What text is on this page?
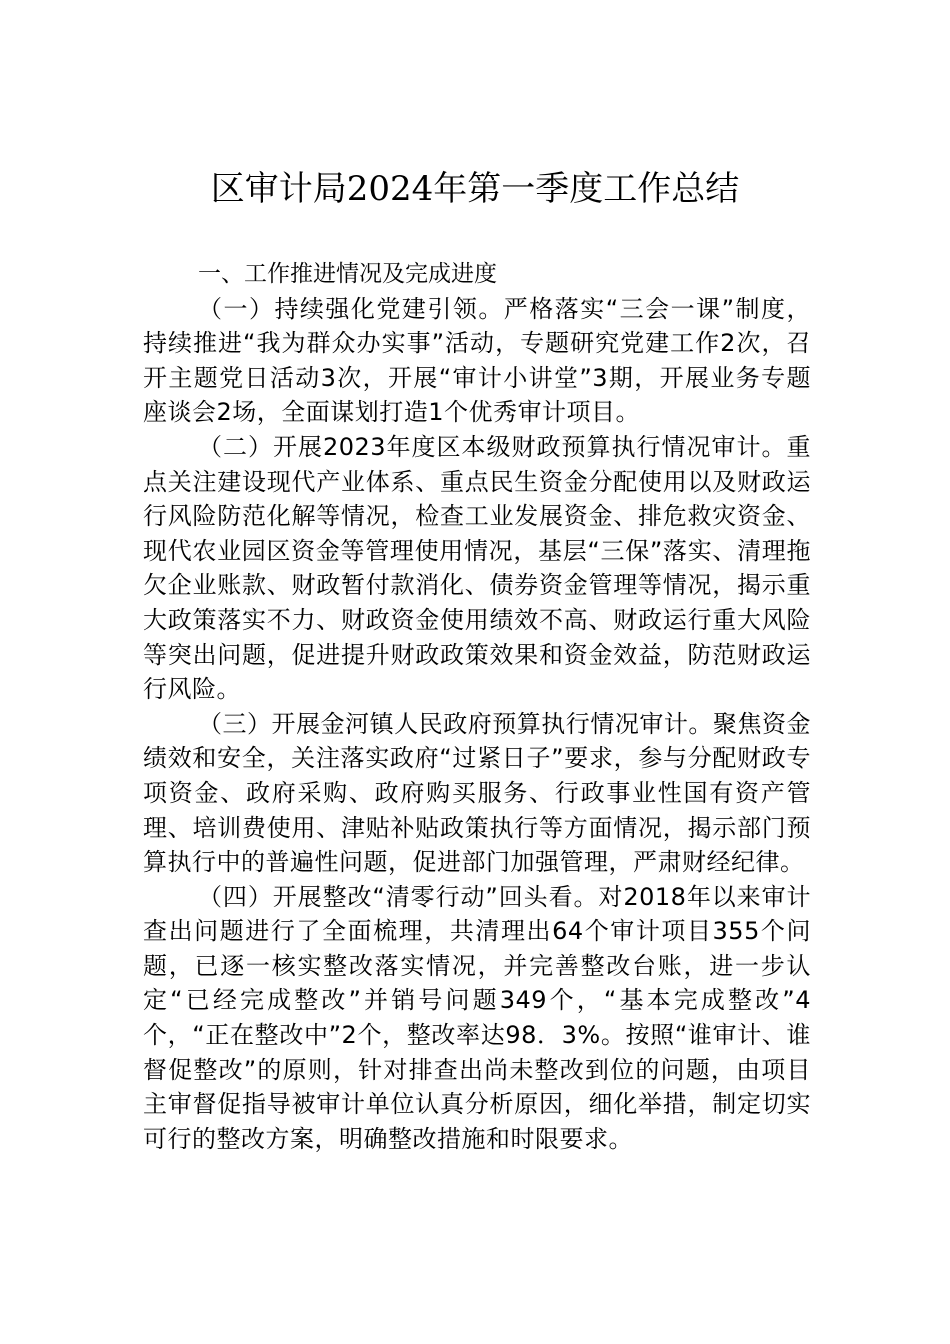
区审计局2024年第一季度工作总结

一、工作推进情况及完成进度

（一）持续强化党建引领。严格落实“三会一课”制度，持续推进“我为群众办实事”活动，专题研究党建工作2次，召开主题党日活动3次，开展“审计小讲堂”3期，开展业务专题座谈会2场，全面谋划打造1个优秀审计项目。

（二）开展2023年度区本级财政预算执行情况审计。重点关注建设现代产业体系、重点民生资金分配使用以及财政运行风险防范化解等情况，检查工业发展资金、排危救灾资金、现代农业园区资金等管理使用情况，基层“三保”落实、清理拖欠企业账款、财政暂付款消化、债券资金管理等情况，揭示重大政策落实不力、财政资金使用绩效不高、财政运行重大风险等突出问题，促进提升财政政策效果和资金效益，防范财政运行风险。

（三）开展金河镇人民政府预算执行情况审计。聚焦资金绩效和安全，关注落实政府“过紧日子”要求，参与分配财政专项资金、政府采购、政府购买服务、行政事业性国有资产管理、培训费使用、津贴补贴政策执行等方面情况，揭示部门预算执行中的普遍性问题，促进部门加强管理，严肃财经纪律。

（四）开展整改“清零行动”回头看。对2018年以来审计查出问题进行了全面梳理，共清理出64个审计项目355个问题，已逐一核实整改落实情况，并完善整改台账，进一步认定“已经完成整改”并销号问题349个，“基本完成整改”4个，“正在整改中”2个，整改率达98．3%。按照“谁审计、谁督促整改”的原则，针对排查出尚未整改到位的问题，由项目主审督促指导被审计单位认真分析原因，细化举措，制定切实可行的整改方案，明确整改措施和时限要求。
